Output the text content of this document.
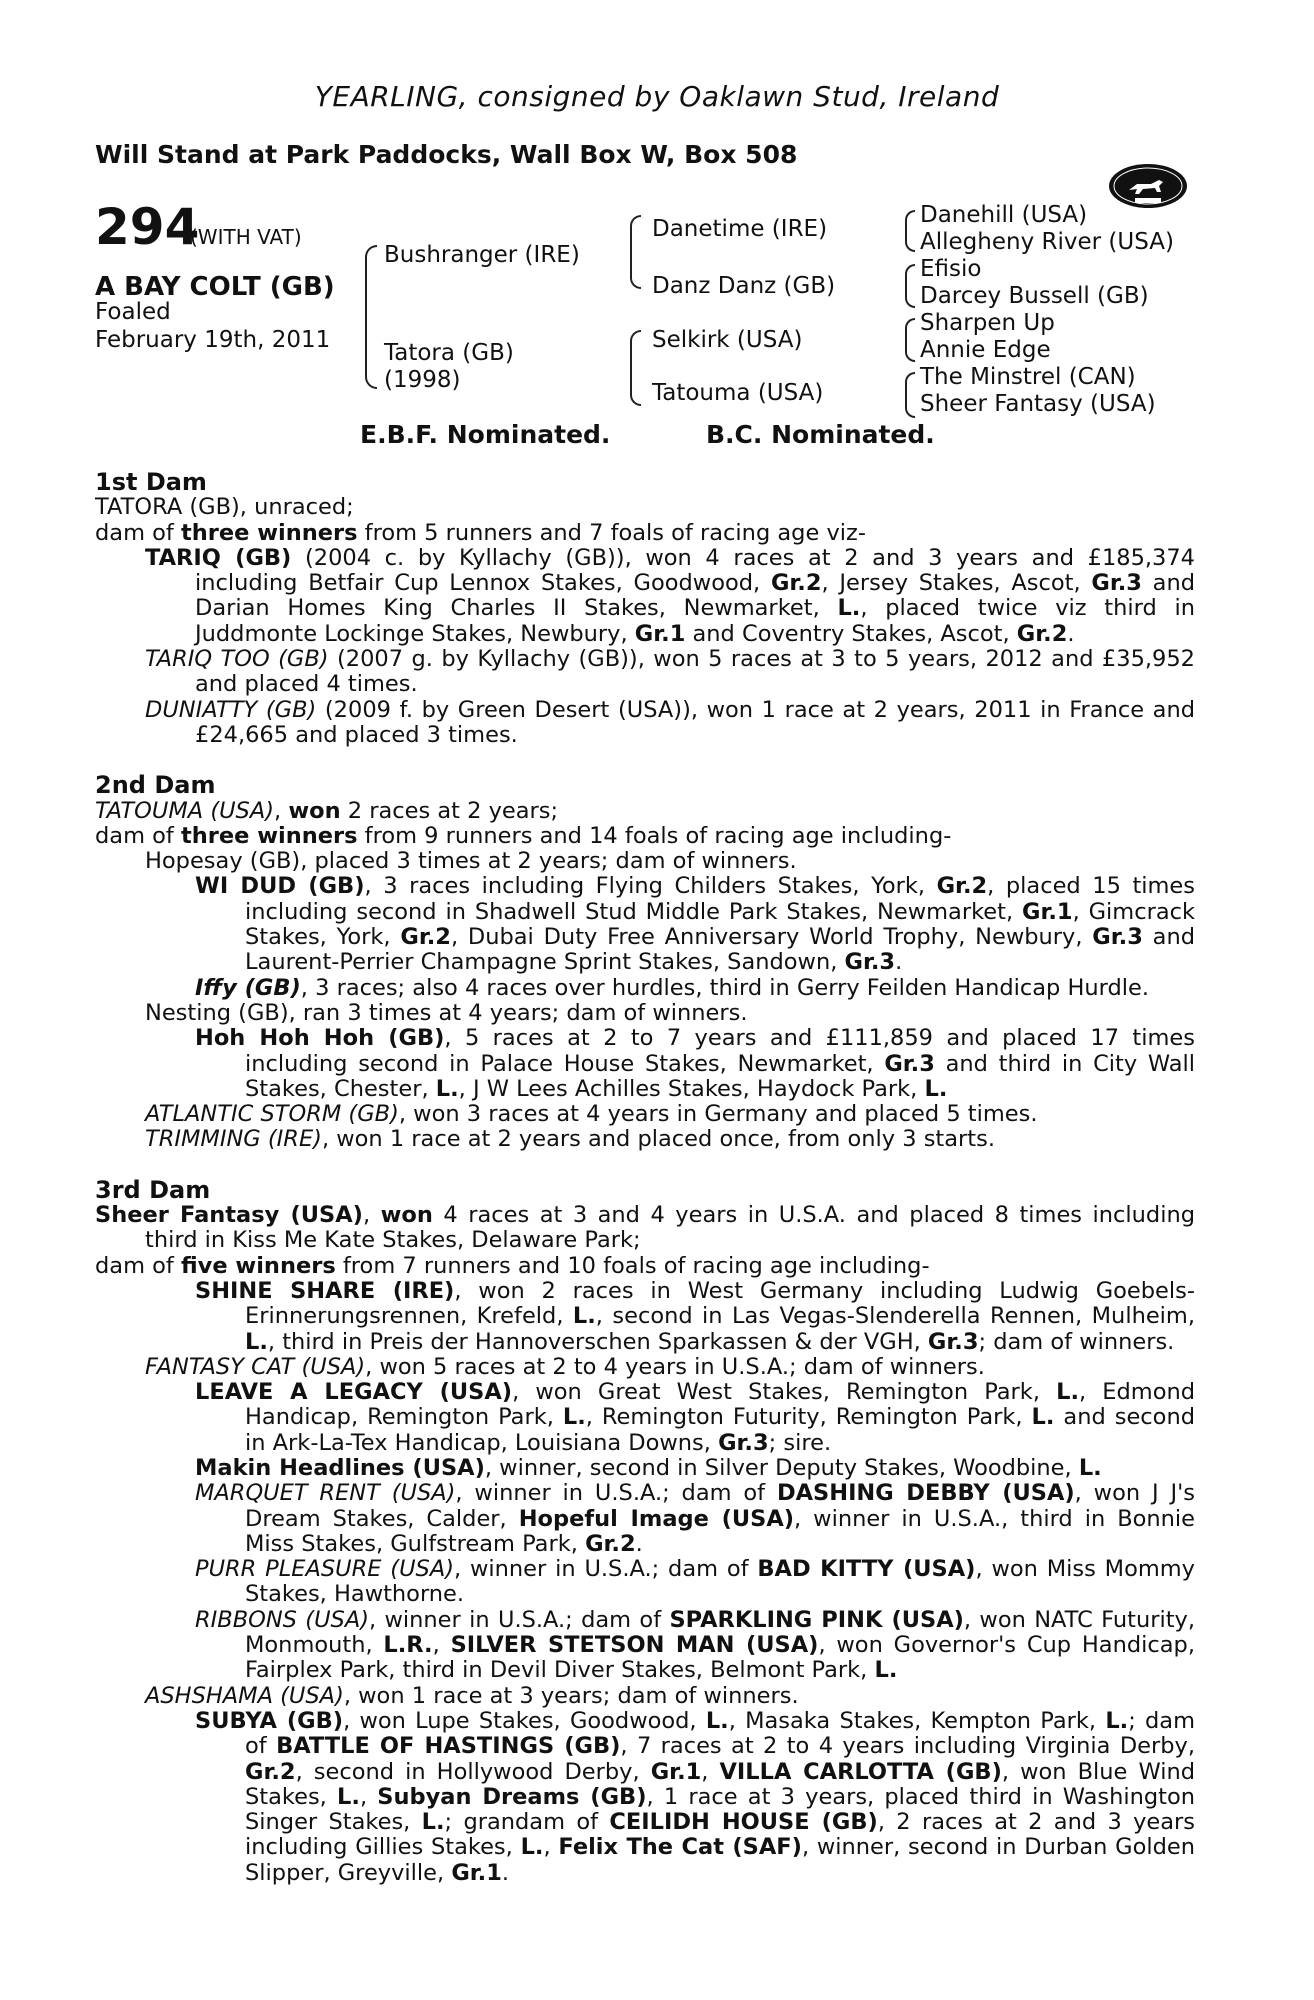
YEARLING, consigned by Oaklawn Stud, Ireland
Will Stand at Park Paddocks, Wall Box W, Box 508
294
(WITH VAT)
A BAY COLT (GB)
Foaled
February 19th, 2011
Bushranger (IRE)
Tatora (GB)
(1998)
Danetime (IRE)
Danz Danz (GB)
Selkirk (USA)
Tatouma (USA)
Danehill (USA)
Allegheny River (USA)
Efisio
Darcey Bussell (GB)
Sharpen Up
Annie Edge
The Minstrel (CAN)
Sheer Fantasy (USA)
E.B.F. Nominated.	B.C. Nominated.
1st Dam
TATORA (GB), unraced;
dam of three winners from 5 runners and 7 foals of racing age viz-
TARIQ (GB) (2004 c. by Kyllachy (GB)), won 4 races at 2 and 3 years and £185,374 including Betfair Cup Lennox Stakes, Goodwood, Gr.2, Jersey Stakes, Ascot, Gr.3 and Darian Homes King Charles II Stakes, Newmarket, L., placed twice viz third in Juddmonte Lockinge Stakes, Newbury, Gr.1 and Coventry Stakes, Ascot, Gr.2.
TARIQ TOO (GB) (2007 g. by Kyllachy (GB)), won 5 races at 3 to 5 years, 2012 and £35,952 and placed 4 times.
DUNIATTY (GB) (2009 f. by Green Desert (USA)), won 1 race at 2 years, 2011 in France and £24,665 and placed 3 times.
2nd Dam
TATOUMA (USA), won 2 races at 2 years;
dam of three winners from 9 runners and 14 foals of racing age including-
Hopesay (GB), placed 3 times at 2 years; dam of winners.
WI DUD (GB), 3 races including Flying Childers Stakes, York, Gr.2, placed 15 times including second in Shadwell Stud Middle Park Stakes, Newmarket, Gr.1, Gimcrack Stakes, York, Gr.2, Dubai Duty Free Anniversary World Trophy, Newbury, Gr.3 and Laurent-Perrier Champagne Sprint Stakes, Sandown, Gr.3.
Iffy (GB), 3 races; also 4 races over hurdles, third in Gerry Feilden Handicap Hurdle.
Nesting (GB), ran 3 times at 4 years; dam of winners.
Hoh Hoh Hoh (GB), 5 races at 2 to 7 years and £111,859 and placed 17 times including second in Palace House Stakes, Newmarket, Gr.3 and third in City Wall Stakes, Chester, L., J W Lees Achilles Stakes, Haydock Park, L.
ATLANTIC STORM (GB), won 3 races at 4 years in Germany and placed 5 times.
TRIMMING (IRE), won 1 race at 2 years and placed once, from only 3 starts.
3rd Dam
Sheer Fantasy (USA), won 4 races at 3 and 4 years in U.S.A. and placed 8 times including third in Kiss Me Kate Stakes, Delaware Park;
dam of five winners from 7 runners and 10 foals of racing age including-
SHINE SHARE (IRE), won 2 races in West Germany including Ludwig Goebels-Erinnerungsrennen, Krefeld, L., second in Las Vegas-Slenderella Rennen, Mulheim, L., third in Preis der Hannoverschen Sparkassen & der VGH, Gr.3; dam of winners.
FANTASY CAT (USA), won 5 races at 2 to 4 years in U.S.A.; dam of winners.
LEAVE A LEGACY (USA), won Great West Stakes, Remington Park, L., Edmond Handicap, Remington Park, L., Remington Futurity, Remington Park, L. and second in Ark-La-Tex Handicap, Louisiana Downs, Gr.3; sire.
Makin Headlines (USA), winner, second in Silver Deputy Stakes, Woodbine, L.
MARQUET RENT (USA), winner in U.S.A.; dam of DASHING DEBBY (USA), won J J's Dream Stakes, Calder, Hopeful Image (USA), winner in U.S.A., third in Bonnie Miss Stakes, Gulfstream Park, Gr.2.
PURR PLEASURE (USA), winner in U.S.A.; dam of BAD KITTY (USA), won Miss Mommy Stakes, Hawthorne.
RIBBONS (USA), winner in U.S.A.; dam of SPARKLING PINK (USA), won NATC Futurity, Monmouth, L.R., SILVER STETSON MAN (USA), won Governor's Cup Handicap, Fairplex Park, third in Devil Diver Stakes, Belmont Park, L.
ASHSHAMA (USA), won 1 race at 3 years; dam of winners.
SUBYA (GB), won Lupe Stakes, Goodwood, L., Masaka Stakes, Kempton Park, L.; dam of BATTLE OF HASTINGS (GB), 7 races at 2 to 4 years including Virginia Derby, Gr.2, second in Hollywood Derby, Gr.1, VILLA CARLOTTA (GB), won Blue Wind Stakes, L., Subyan Dreams (GB), 1 race at 3 years, placed third in Washington Singer Stakes, L.; grandam of CEILIDH HOUSE (GB), 2 races at 2 and 3 years including Gillies Stakes, L., Felix The Cat (SAF), winner, second in Durban Golden Slipper, Greyville, Gr.1.
